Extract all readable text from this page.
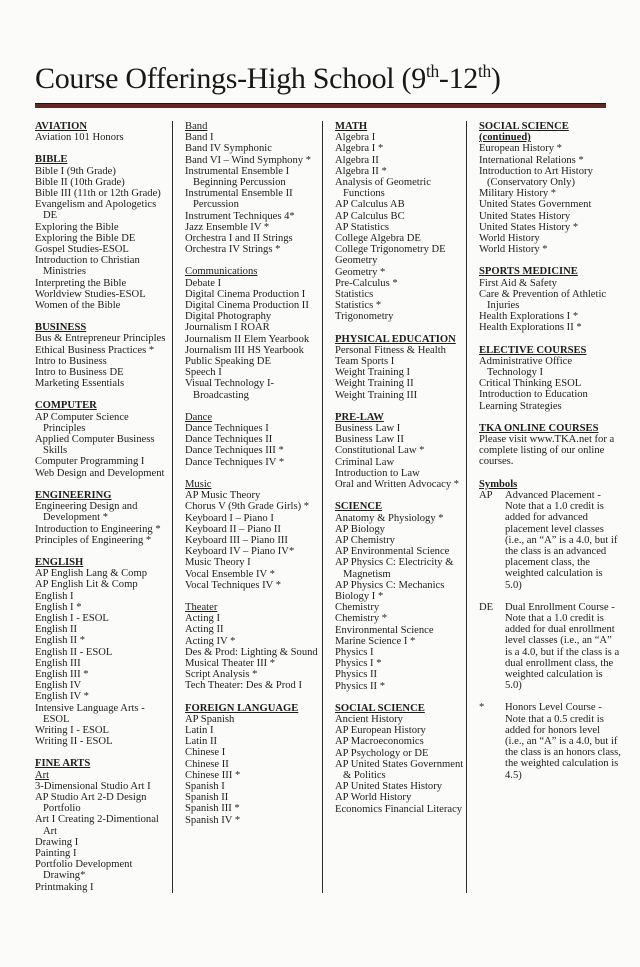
Course Offerings-High School (9th-12th)
AVIATION
Aviation 101 Honors
BIBLE
Bible I (9th Grade)
Bible II (10th Grade)
Bible III (11th or 12th Grade)
Evangelism and Apologetics DE
Exploring the Bible
Exploring the Bible DE
Gospel Studies-ESOL
Introduction to Christian Ministries
Interpreting the Bible
Worldview Studies-ESOL
Women of the Bible
BUSINESS
Bus & Entrepreneur Principles
Ethical Business Practices *
Intro to Business
Intro to Business DE
Marketing Essentials
COMPUTER
AP Computer Science Principles
Applied Computer Business Skills
Computer Programming I
Web Design and Development
ENGINEERING
Engineering Design and Development *
Introduction to Engineering *
Principles of Engineering *
ENGLISH
AP English Lang & Comp
AP English Lit & Comp
English I
English I *
English I - ESOL
English II
English II *
English II - ESOL
English III
English III *
English IV
English IV *
Intensive Language Arts - ESOL
Writing I - ESOL
Writing II - ESOL
FINE ARTS
Art
3-Dimensional Studio Art I
AP Studio Art 2-D Design Portfolio
Art I Creating 2-Dimentional Art
Drawing I
Painting I
Portfolio Development Drawing*
Printmaking I
Band
Band I
Band IV Symphonic
Band VI – Wind Symphony *
Instrumental Ensemble I Beginning Percussion
Instrumental Ensemble II Percussion
Instrument Techniques 4*
Jazz Ensemble IV *
Orchestra I and II Strings
Orchestra IV Strings *
Communications
Debate I
Digital Cinema Production I
Digital Cinema Production II
Digital Photography
Journalism I ROAR
Journalism II Elem Yearbook
Journalism III HS Yearbook
Public Speaking DE
Speech I
Visual Technology I-Broadcasting
Dance
Dance Techniques I
Dance Techniques II
Dance Techniques III *
Dance Techniques IV *
Music
AP Music Theory
Chorus V (9th Grade Girls) *
Keyboard I – Piano I
Keyboard II – Piano II
Keyboard III – Piano III
Keyboard IV – Piano IV*
Music Theory I
Vocal Ensemble IV *
Vocal Techniques IV *
Theater
Acting I
Acting II
Acting IV *
Des & Prod: Lighting & Sound
Musical Theater III *
Script Analysis *
Tech Theater: Des & Prod I
FOREIGN LANGUAGE
AP Spanish
Latin I
Latin II
Chinese I
Chinese II
Chinese III *
Spanish I
Spanish II
Spanish III *
Spanish IV *
MATH
Algebra I
Algebra I *
Algebra II
Algebra II *
Analysis of Geometric Functions
AP Calculus AB
AP Calculus BC
AP Statistics
College Algebra DE
College Trigonometry DE
Geometry
Geometry *
Pre-Calculus *
Statistics
Statistics *
Trigonometry
PHYSICAL EDUCATION
Personal Fitness & Health
Team Sports I
Weight Training I
Weight Training II
Weight Training III
PRE-LAW
Business Law I
Business Law II
Constitutional Law *
Criminal Law
Introduction to Law
Oral and Written Advocacy *
SCIENCE
Anatomy & Physiology *
AP Biology
AP Chemistry
AP Environmental Science
AP Physics C: Electricity & Magnetism
AP Physics C: Mechanics
Biology I *
Chemistry
Chemistry *
Environmental Science
Marine Science I *
Physics I
Physics I *
Physics II
Physics II *
SOCIAL SCIENCE
Ancient History
AP European History
AP Macroeconomics
AP Psychology or DE
AP United States Government & Politics
AP United States History
AP World History
Economics Financial Literacy
SOCIAL SCIENCE (continued)
European History *
International Relations *
Introduction to Art History (Conservatory Only)
Military History *
United States Government
United States History
United States History *
World History
World History *
SPORTS MEDICINE
First Aid & Safety
Care & Prevention of Athletic Injuries
Health Explorations I *
Health Explorations II *
ELECTIVE COURSES
Administrative Office Technology I
Critical Thinking ESOL
Introduction to Education
Learning Strategies
TKA ONLINE COURSES
Please visit www.TKA.net for a complete listing of our online courses.
Symbols
AP	Advanced Placement - Note that a 1.0 credit is added for advanced placement level classes (i.e., an “A” is a 4.0, but if the class is an advanced placement class, the weighted calculation is 5.0)
DE	Dual Enrollment Course - Note that a 1.0 credit is added for dual enrollment level classes (i.e., an “A” is a 4.0, but if the class is a dual enrollment class, the weighted calculation is 5.0)
*	Honors Level Course - Note that a 0.5 credit is added for honors level (i.e., an “A” is a 4.0, but if the class is an honors class, the weighted calculation is 4.5)
